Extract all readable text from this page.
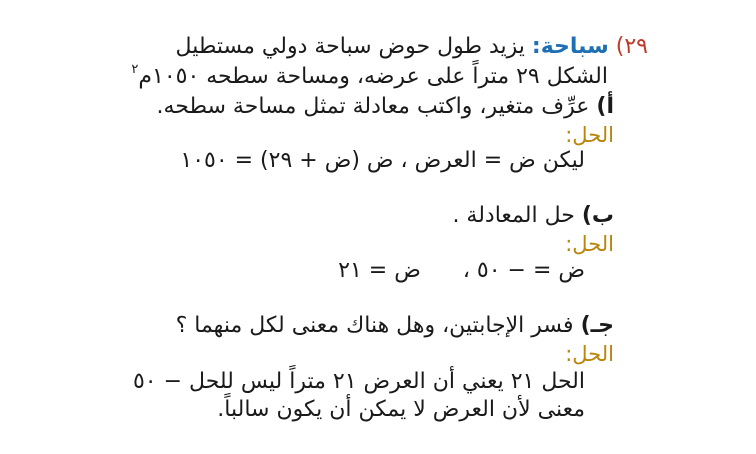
٢٩) سباحة: يزيد طول حوض سباحة دولي مستطيل
الشكل ٢٩ متراً على عرضه، ومساحة سطحه ١٠٥٠م$^٢$
أ) عرِّف متغير، واكتب معادلة تمثل مساحة سطحه.
الحل:
ليكن ض = العرض ، ض (ض + ٢٩) = ١٠٥٠
ب) حل المعادلة .
الحل:
ض = − ٥٠ ،  ض = ٢١
جـ) فسر الإجابتين، وهل هناك معنى لكل منهما ؟
الحل:
الحل ٢١ يعني أن العرض ٢١ متراً ليس للحل − ٥٠
معنى لأن العرض لا يمكن أن يكون سالباً.
